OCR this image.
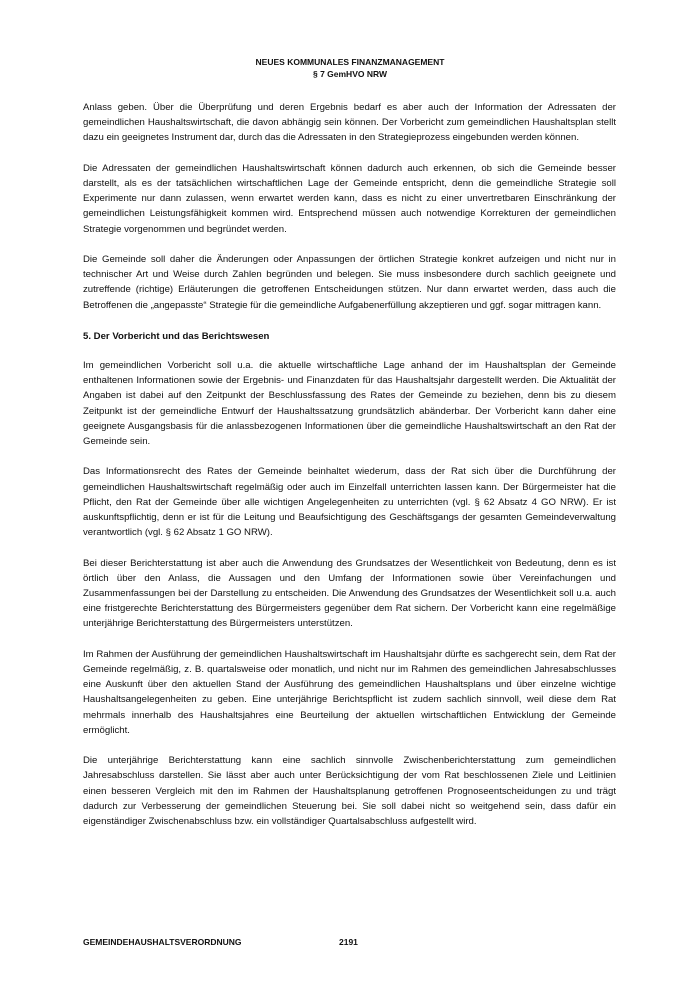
NEUES KOMMUNALES FINANZMANAGEMENT
§ 7 GemHVO NRW

Anlass geben. Über die Überprüfung und deren Ergebnis bedarf es aber auch der Information der Adressaten der gemeindlichen Haushaltswirtschaft, die davon abhängig sein können. Der Vorbericht zum gemeindlichen Haushaltsplan stellt dazu ein geeignetes Instrument dar, durch das die Adressaten in den Strategieprozess eingebunden werden können.

Die Adressaten der gemeindlichen Haushaltswirtschaft können dadurch auch erkennen, ob sich die Gemeinde besser darstellt, als es der tatsächlichen wirtschaftlichen Lage der Gemeinde entspricht, denn die gemeindliche Strategie soll Experimente nur dann zulassen, wenn erwartet werden kann, dass es nicht zu einer unvertretbaren Einschränkung der gemeindlichen Leistungsfähigkeit kommen wird. Entsprechend müssen auch notwendige Korrekturen der gemeindlichen Strategie vorgenommen und begründet werden.

Die Gemeinde soll daher die Änderungen oder Anpassungen der örtlichen Strategie konkret aufzeigen und nicht nur in technischer Art und Weise durch Zahlen begründen und belegen. Sie muss insbesondere durch sachlich geeignete und zutreffende (richtige) Erläuterungen die getroffenen Entscheidungen stützen. Nur dann erwartet werden, dass auch die Betroffenen die „angepasste“ Strategie für die gemeindliche Aufgabenerfüllung akzeptieren und ggf. sogar mittragen kann.

5. Der Vorbericht und das Berichtswesen

Im gemeindlichen Vorbericht soll u.a. die aktuelle wirtschaftliche Lage anhand der im Haushaltsplan der Gemeinde enthaltenen Informationen sowie der Ergebnis- und Finanzdaten für das Haushaltsjahr dargestellt werden. Die Aktualität der Angaben ist dabei auf den Zeitpunkt der Beschlussfassung des Rates der Gemeinde zu beziehen, denn bis zu diesem Zeitpunkt ist der gemeindliche Entwurf der Haushaltssatzung grundsätzlich abänderbar. Der Vorbericht kann daher eine geeignete Ausgangsbasis für die anlassbezogenen Informationen über die gemeindliche Haushaltswirtschaft an den Rat der Gemeinde sein.

Das Informationsrecht des Rates der Gemeinde beinhaltet wiederum, dass der Rat sich über die Durchführung der gemeindlichen Haushaltswirtschaft regelmäßig oder auch im Einzelfall unterrichten lassen kann. Der Bürgermeister hat die Pflicht, den Rat der Gemeinde über alle wichtigen Angelegenheiten zu unterrichten (vgl. § 62 Absatz 4 GO NRW). Er ist auskunftspflichtig, denn er ist für die Leitung und Beaufsichtigung des Geschäftsgangs der gesamten Gemeindeverwaltung verantwortlich (vgl. § 62 Absatz 1 GO NRW).

Bei dieser Berichterstattung ist aber auch die Anwendung des Grundsatzes der Wesentlichkeit von Bedeutung, denn es ist örtlich über den Anlass, die Aussagen und den Umfang der Informationen sowie über Vereinfachungen und Zusammenfassungen bei der Darstellung zu entscheiden. Die Anwendung des Grundsatzes der Wesentlichkeit soll u.a. auch eine fristgerechte Berichterstattung des Bürgermeisters gegenüber dem Rat sichern. Der Vorbericht kann eine regelmäßige unterjährige Berichterstattung des Bürgermeisters unterstützen.

Im Rahmen der Ausführung der gemeindlichen Haushaltswirtschaft im Haushaltsjahr dürfte es sachgerecht sein, dem Rat der Gemeinde regelmäßig, z. B. quartalsweise oder monatlich, und nicht nur im Rahmen des gemeindlichen Jahresabschlusses eine Auskunft über den aktuellen Stand der Ausführung des gemeindlichen Haushaltsplans und über einzelne wichtige Haushaltsangelegenheiten zu geben. Eine unterjährige Berichtspflicht ist zudem sachlich sinnvoll, weil diese dem Rat mehrmals innerhalb des Haushaltsjahres eine Beurteilung der aktuellen wirtschaftlichen Entwicklung der Gemeinde ermöglicht.

Die unterjährige Berichterstattung kann eine sachlich sinnvolle Zwischenberichterstattung zum gemeindlichen Jahresabschluss darstellen. Sie lässt aber auch unter Berücksichtigung der vom Rat beschlossenen Ziele und Leitlinien einen besseren Vergleich mit den im Rahmen der Haushaltsplanung getroffenen Prognoseentscheidungen zu und trägt dadurch zur Verbesserung der gemeindlichen Steuerung bei. Sie soll dabei nicht so weitgehend sein, dass dafür ein eigenständiger Zwischenabschluss bzw. ein vollständiger Quartalsabschluss aufgestellt wird.

GEMEINDEHAUSHALTSVERORDNUNG	2191
